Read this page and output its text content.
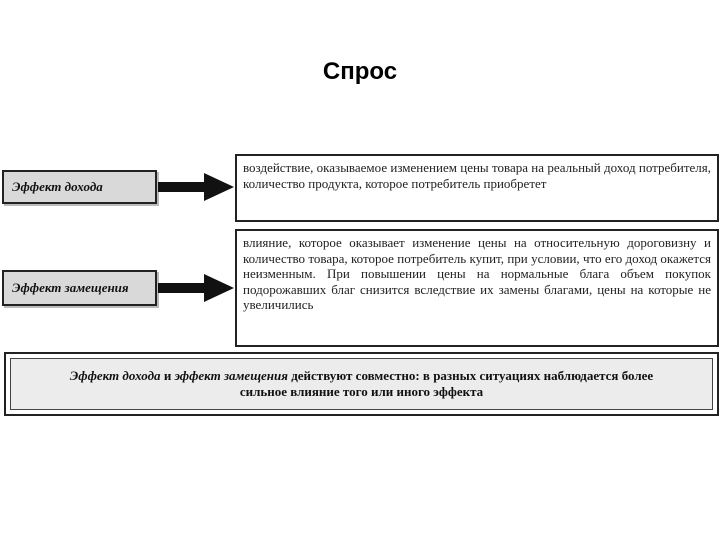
Спрос
Эффект дохода
воздействие, оказываемое изменением цены товара на реальный доход потребителя, количество продукта, которое потребитель приобретет
Эффект замещения
влияние, которое оказывает изменение цены на относительную дороговизну и количество товара, которое потребитель купит, при условии, что его доход окажется неизменным. При повышении цены на нормальные блага объем покупок подорожавших благ снизится вследствие их замены благами, цены на которые не увеличились
Эффект дохода и эффект замещения действуют совместно: в разных ситуациях наблюдается более сильное влияние того или иного эффекта
